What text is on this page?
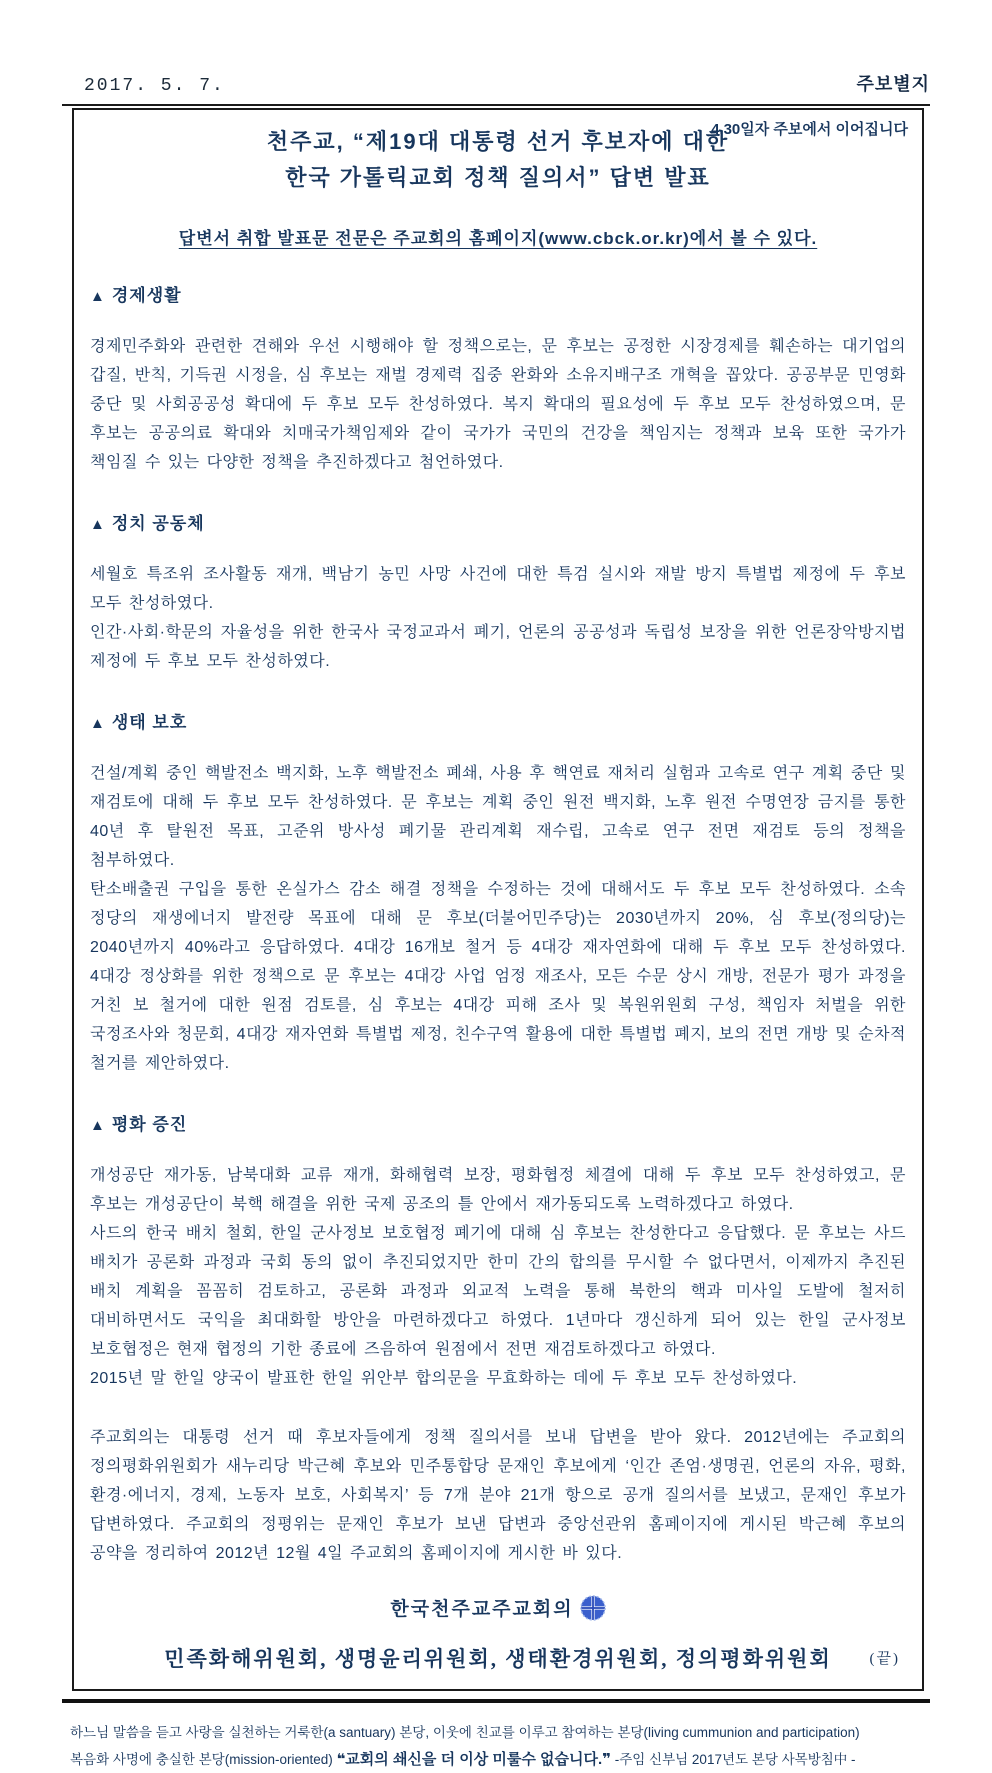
2017. 5. 7.	주보별지
4.30일자 주보에서 이어집니다
천주교, “제19대 대통령 선거 후보자에 대한
한국 가톨릭교회 정책 질의서” 답변 발표
답변서 취합 발표문 전문은 주교회의 홈페이지(www.cbck.or.kr)에서 볼 수 있다.
▲ 경제생활

경제민주화와 관련한 견해와 우선 시행해야 할 정책으로는, 문 후보는 공정한 시장경제를 훼손하는 대기업의 갑질, 반칙, 기득권 시정을, 심 후보는 재벌 경제력 집중 완화와 소유지배구조 개혁을 꼽았다. 공공부문 민영화 중단 및 사회공공성 확대에 두 후보 모두 찬성하였다. 복지 확대의 필요성에 두 후보 모두 찬성하였으며, 문 후보는 공공의료 확대와 치매국가책임제와 같이 국가가 국민의 건강을 책임지는 정책과 보육 또한 국가가 책임질 수 있는 다양한 정책을 추진하겠다고 첨언하였다.

▲ 정치 공동체

세월호 특조위 조사활동 재개, 백남기 농민 사망 사건에 대한 특검 실시와 재발 방지 특별법 제정에 두 후보 모두 찬성하였다.

인간·사회·학문의 자율성을 위한 한국사 국정교과서 폐기, 언론의 공공성과 독립성 보장을 위한 언론장악방지법 제정에 두 후보 모두 찬성하였다.

▲ 생태 보호

건설/계획 중인 핵발전소 백지화, 노후 핵발전소 폐쇄, 사용 후 핵연료 재처리 실험과 고속로 연구 계획 중단 및 재검토에 대해 두 후보 모두 찬성하였다. 문 후보는 계획 중인 원전 백지화, 노후 원전 수명연장 금지를 통한 40년 후 탈원전 목표, 고준위 방사성 폐기물 관리계획 재수립, 고속로 연구 전면 재검토 등의 정책을 첨부하였다.

탄소배출권 구입을 통한 온실가스 감소 해결 정책을 수정하는 것에 대해서도 두 후보 모두 찬성하였다. 소속 정당의 재생에너지 발전량 목표에 대해 문 후보(더불어민주당)는 2030년까지 20%, 심 후보(정의당)는 2040년까지 40%라고 응답하였다. 4대강 16개보 철거 등 4대강 재자연화에 대해 두 후보 모두 찬성하였다. 4대강 정상화를 위한 정책으로 문 후보는 4대강 사업 엄정 재조사, 모든 수문 상시 개방, 전문가 평가 과정을 거친 보 철거에 대한 원점 검토를, 심 후보는 4대강 피해 조사 및 복원위원회 구성, 책임자 처벌을 위한 국정조사와 청문회, 4대강 재자연화 특별법 제정, 친수구역 활용에 대한 특별법 폐지, 보의 전면 개방 및 순차적 철거를 제안하였다.

▲ 평화 증진

개성공단 재가동, 남북대화 교류 재개, 화해협력 보장, 평화협정 체결에 대해 두 후보 모두 찬성하였고, 문 후보는 개성공단이 북핵 해결을 위한 국제 공조의 틀 안에서 재가동되도록 노력하겠다고 하였다.

사드의 한국 배치 철회, 한일 군사정보 보호협정 폐기에 대해 심 후보는 찬성한다고 응답했다. 문 후보는 사드 배치가 공론화 과정과 국회 동의 없이 추진되었지만 한미 간의 합의를 무시할 수 없다면서, 이제까지 추진된 배치 계획을 꼼꼼히 검토하고, 공론화 과정과 외교적 노력을 통해 북한의 핵과 미사일 도발에 철저히 대비하면서도 국익을 최대화할 방안을 마련하겠다고 하였다. 1년마다 갱신하게 되어 있는 한일 군사정보 보호협정은 현재 협정의 기한 종료에 즈음하여 원점에서 전면 재검토하겠다고 하였다.

2015년 말 한일 양국이 발표한 한일 위안부 합의문을 무효화하는 데에 두 후보 모두 찬성하였다.

주교회의는 대통령 선거 때 후보자들에게 정책 질의서를 보내 답변을 받아 왔다. 2012년에는 주교회의 정의평화위원회가 새누리당 박근혜 후보와 민주통합당 문재인 후보에게 ‘인간 존엄·생명권, 언론의 자유, 평화, 환경·에너지, 경제, 노동자 보호, 사회복지’ 등 7개 분야 21개 항으로 공개 질의서를 보냈고, 문재인 후보가 답변하였다. 주교회의 정평위는 문재인 후보가 보낸 답변과 중앙선관위 홈페이지에 게시된 박근혜 후보의 공약을 정리하여 2012년 12월 4일 주교회의 홈페이지에 게시한 바 있다.

한국천주교주교회의
민족화해위원회, 생명윤리위원회, 생태환경위원회, 정의평화위원회	(끝)
하느님 말씀을 듣고 사랑을 실천하는 거룩한(a santuary) 본당, 이웃에 친교를 이루고 참여하는 본당(living cummunion and participation)
복음화 사명에 충실한 본당(mission-oriented) ❝교회의 쇄신을 더 이상 미룰수 없습니다.❞ -주임 신부님 2017년도 본당 사목방침中 -
